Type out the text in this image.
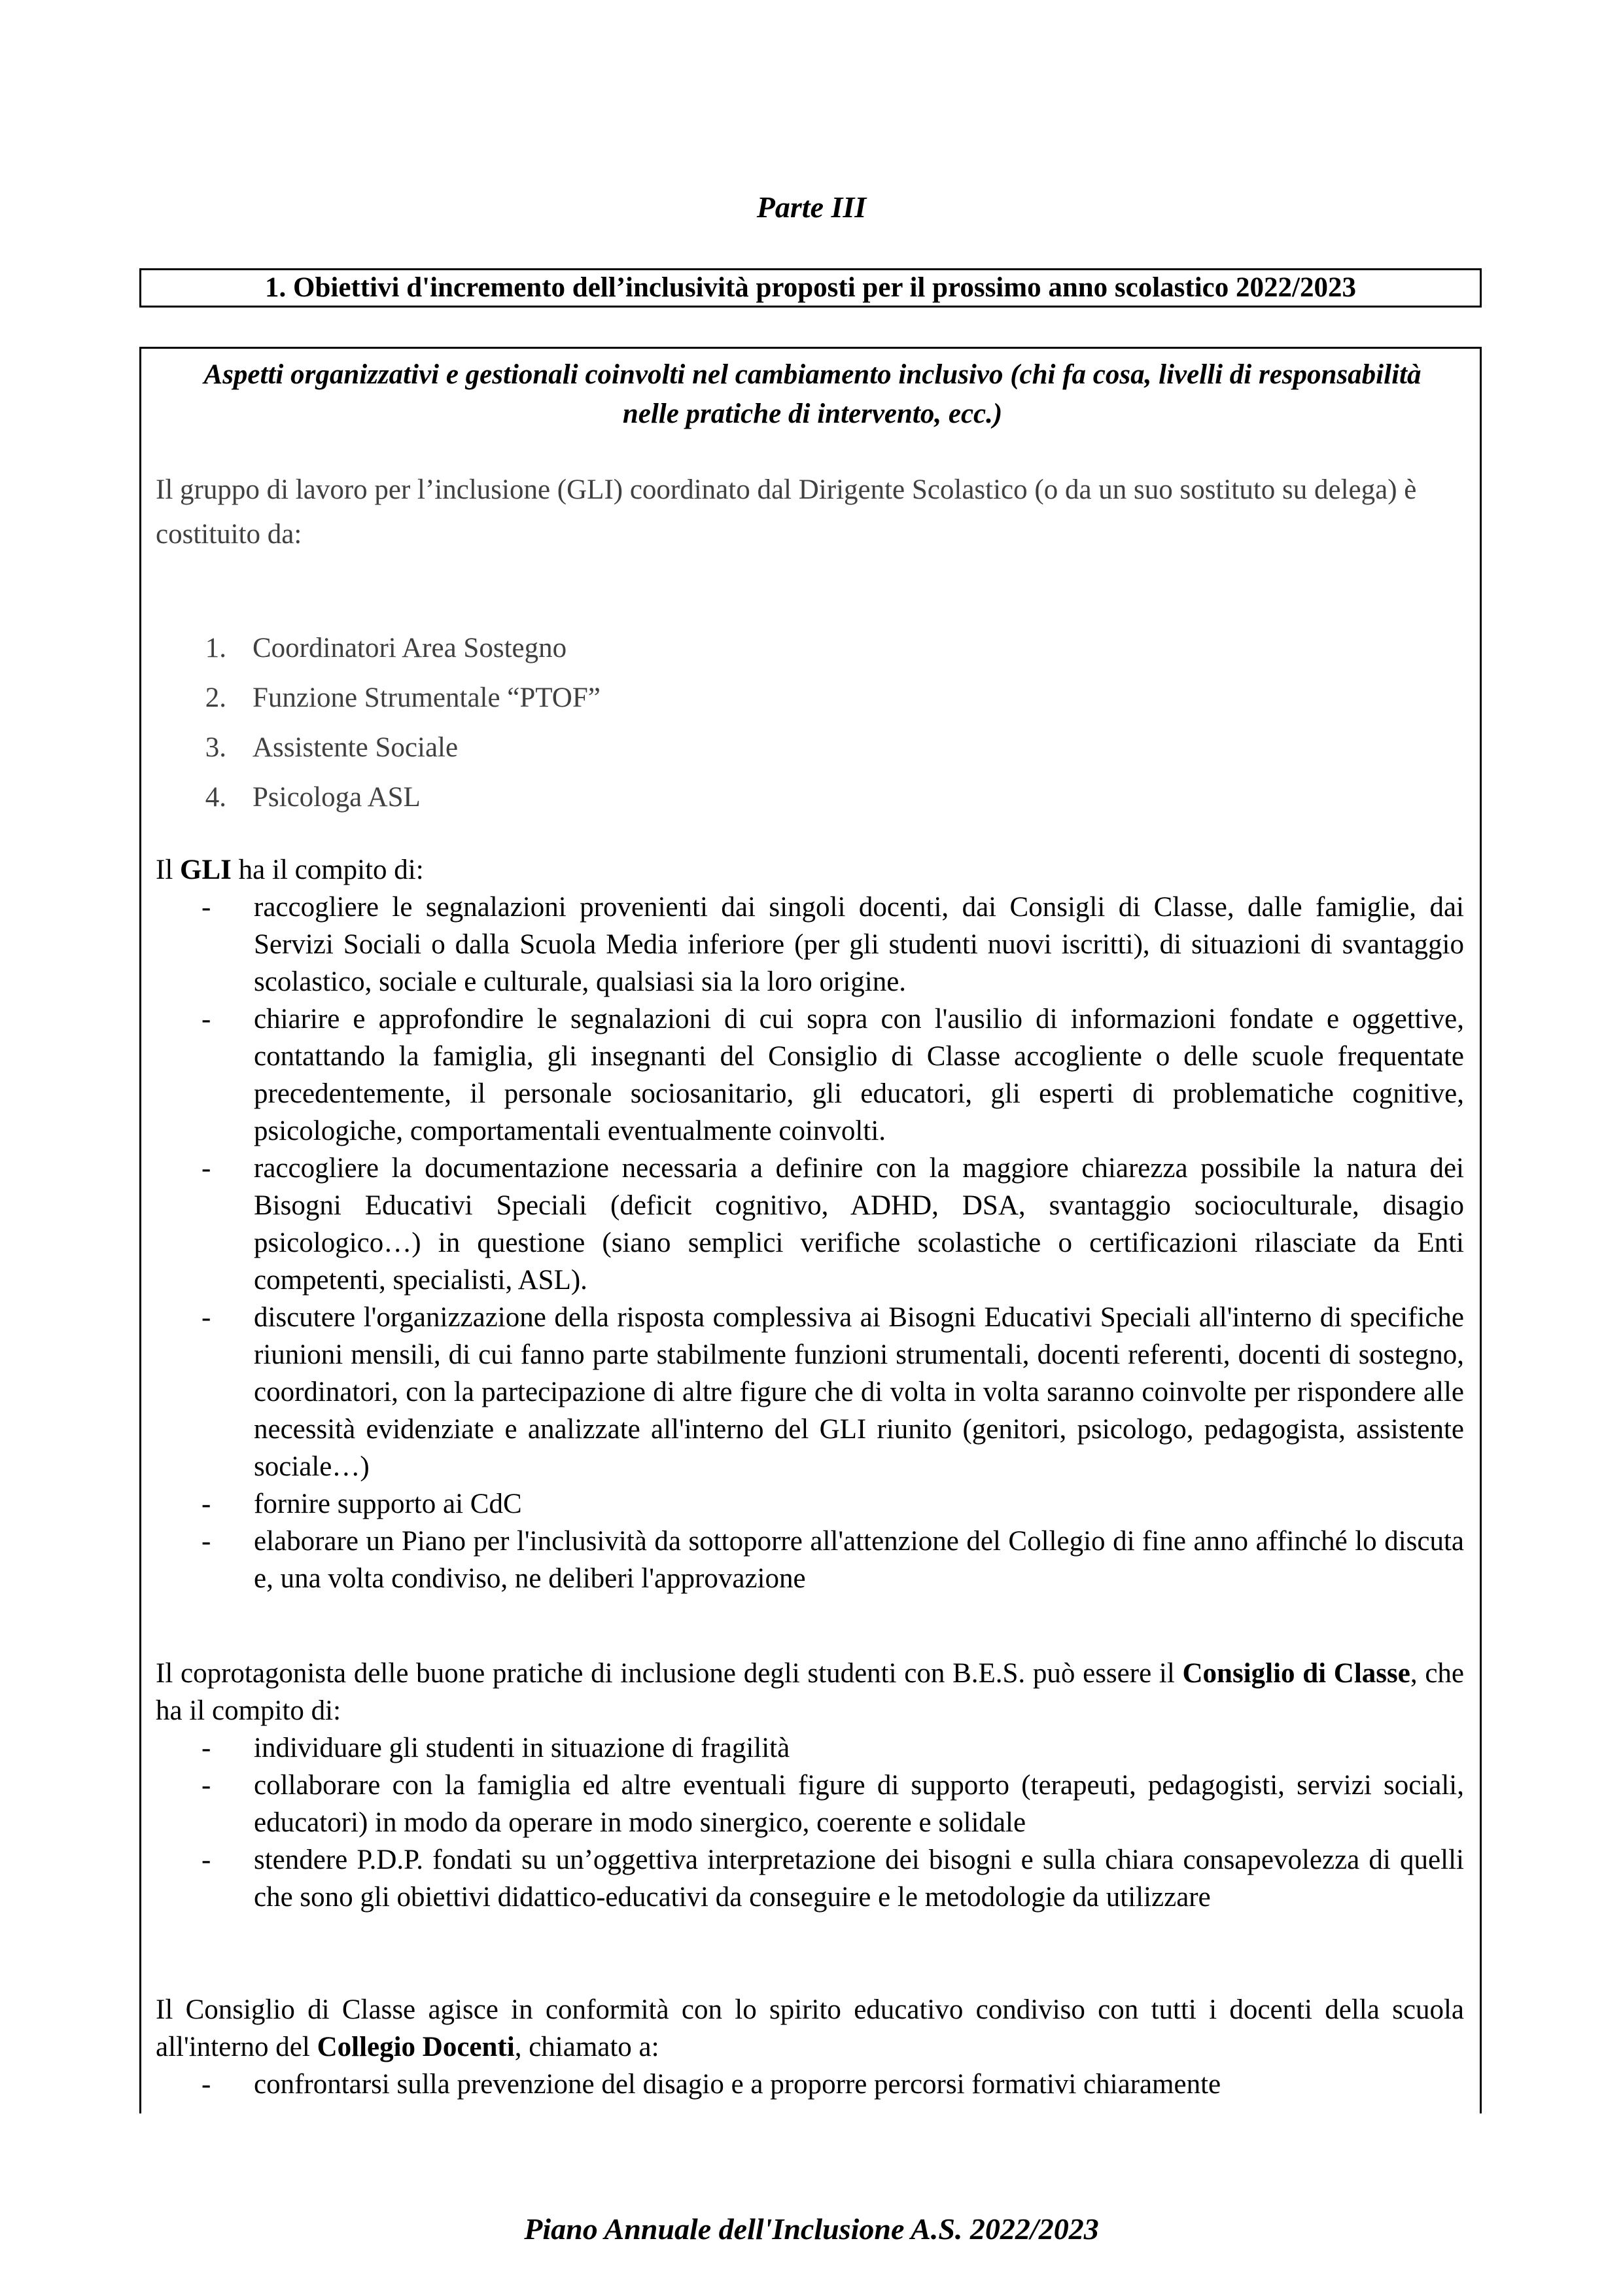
Parte III
1. Obiettivi d'incremento dell’inclusività proposti per il prossimo anno scolastico 2022/2023

Aspetti organizzativi e gestionali coinvolti nel cambiamento inclusivo (chi fa cosa, livelli di responsabilità nelle pratiche di intervento, ecc.)

Il gruppo di lavoro per l’inclusione (GLI) coordinato dal Dirigente Scolastico (o da un suo sostituto su delega) è costituito da:

1. Coordinatori Area Sostegno
2. Funzione Strumentale “PTOF”
3. Assistente Sociale
4. Psicologa ASL

Il GLI ha il compito di:

- raccogliere le segnalazioni provenienti dai singoli docenti, dai Consigli di Classe, dalle famiglie, dai Servizi Sociali o dalla Scuola Media inferiore (per gli studenti nuovi iscritti), di situazioni di svantaggio scolastico, sociale e culturale, qualsiasi sia la loro origine.
- chiarire e approfondire le segnalazioni di cui sopra con l'ausilio di informazioni fondate e oggettive, contattando la famiglia, gli insegnanti del Consiglio di Classe accogliente o delle scuole frequentate precedentemente, il personale sociosanitario, gli educatori, gli esperti di problematiche cognitive, psicologiche, comportamentali eventualmente coinvolti.
- raccogliere la documentazione necessaria a definire con la maggiore chiarezza possibile la natura dei Bisogni Educativi Speciali (deficit cognitivo, ADHD, DSA, svantaggio socioculturale, disagio psicologico…) in questione (siano semplici verifiche scolastiche o certificazioni rilasciate da Enti competenti, specialisti, ASL).
- discutere l'organizzazione della risposta complessiva ai Bisogni Educativi Speciali all'interno di specifiche riunioni mensili, di cui fanno parte stabilmente funzioni strumentali, docenti referenti, docenti di sostegno, coordinatori, con la partecipazione di altre figure che di volta in volta saranno coinvolte per rispondere alle necessità evidenziate e analizzate all'interno del GLI riunito (genitori, psicologo, pedagogista, assistente sociale…)
- fornire supporto ai CdC
- elaborare un Piano per l'inclusività da sottoporre all'attenzione del Collegio di fine anno affinché lo discuta e, una volta condiviso, ne deliberi l'approvazione

Il coprotagonista delle buone pratiche di inclusione degli studenti con B.E.S. può essere il Consiglio di Classe, che ha il compito di:

- individuare gli studenti in situazione di fragilità
- collaborare con la famiglia ed altre eventuali figure di supporto (terapeuti, pedagogisti, servizi sociali, educatori) in modo da operare in modo sinergico, coerente e solidale
- stendere P.D.P. fondati su un’oggettiva interpretazione dei bisogni e sulla chiara consapevolezza di quelli che sono gli obiettivi didattico-educativi da conseguire e le metodologie da utilizzare

Il Consiglio di Classe agisce in conformità con lo spirito educativo condiviso con tutti i docenti della scuola all'interno del Collegio Docenti, chiamato a:

- confrontarsi sulla prevenzione del disagio e a proporre percorsi formativi chiaramente

Piano Annuale dell'Inclusione A.S. 2022/2023
